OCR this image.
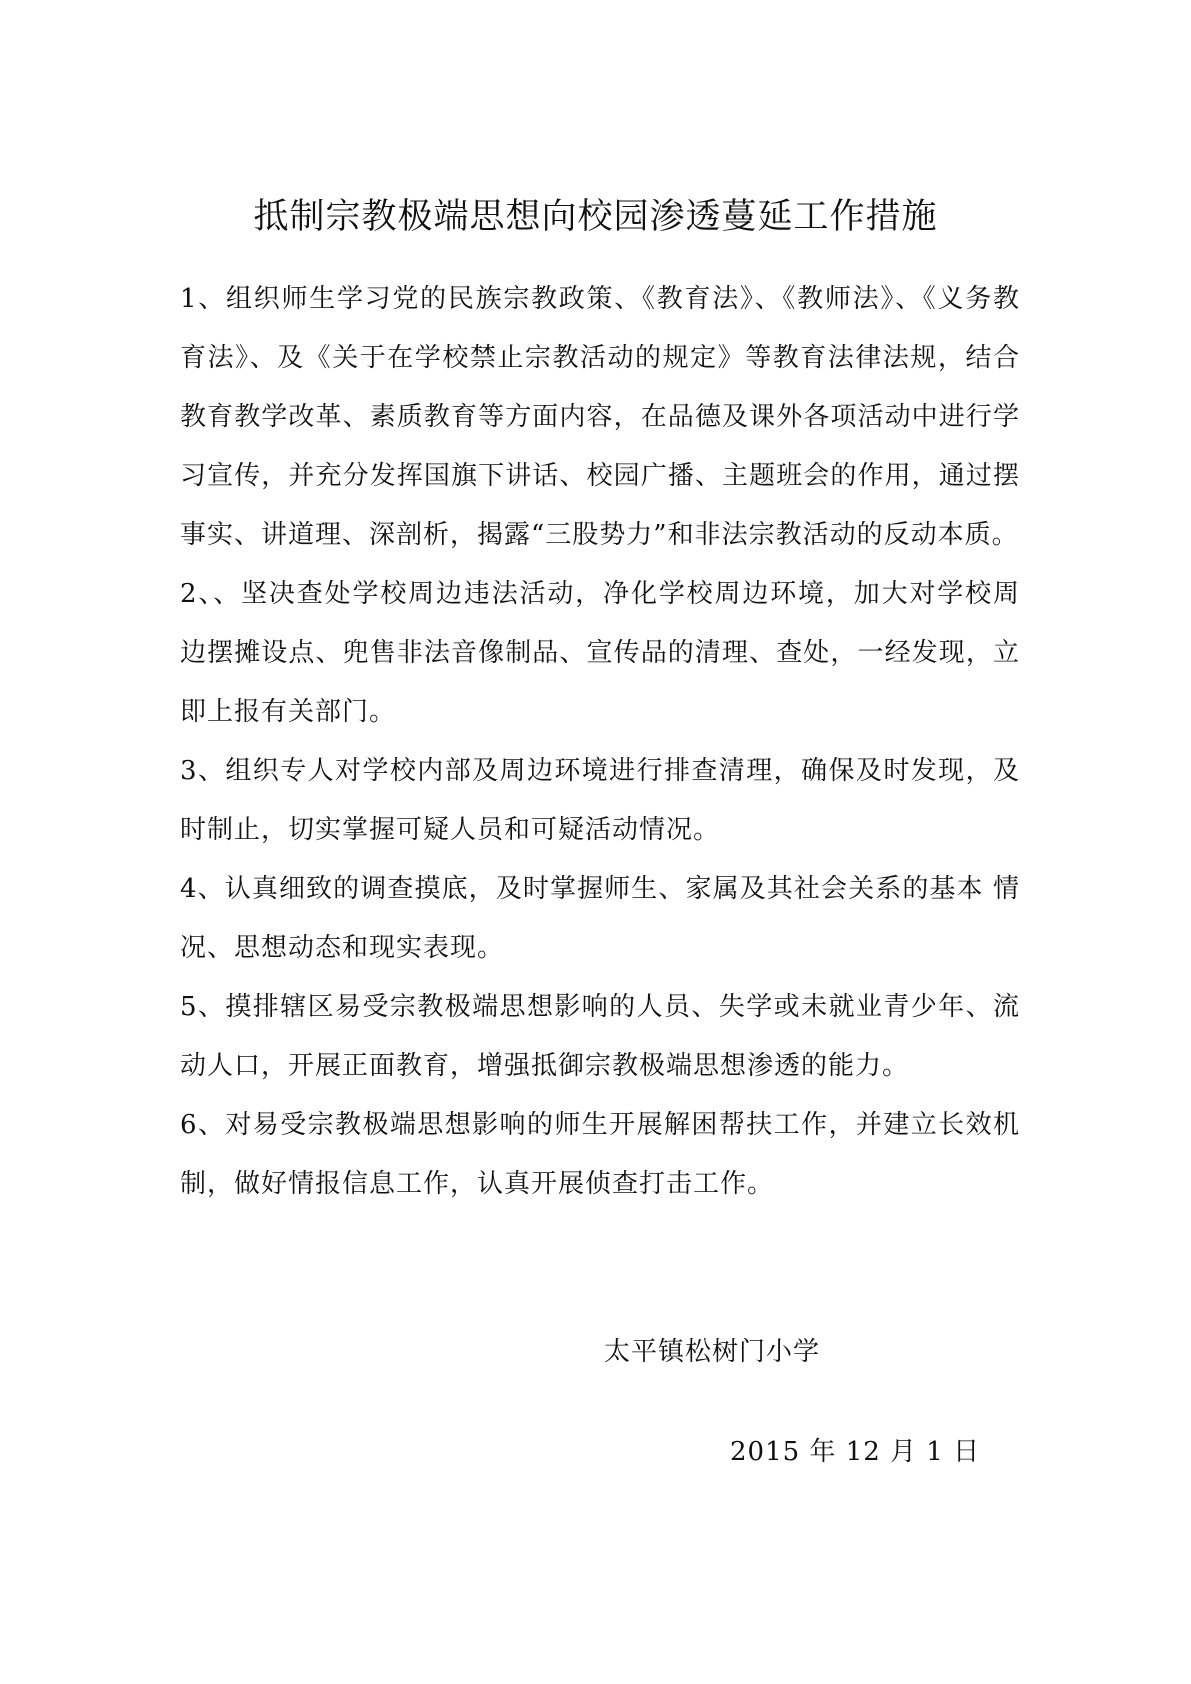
抵制宗教极端思想向校园渗透蔓延工作措施

1、组织师生学习党的民族宗教政策、《教育法》、《教师法》、《义务教育法》、及《关于在学校禁止宗教活动的规定》等教育法律法规，结合教育教学改革、素质教育等方面内容，在品德及课外各项活动中进行学习宣传，并充分发挥国旗下讲话、校园广播、主题班会的作用，通过摆事实、讲道理、深剖析，揭露“三股势力”和非法宗教活动的反动本质。

2、、坚决查处学校周边违法活动，净化学校周边环境，加大对学校周边摆摊设点、兜售非法音像制品、宣传品的清理、查处，一经发现，立即上报有关部门。

3、组织专人对学校内部及周边环境进行排查清理，确保及时发现，及时制止，切实掌握可疑人员和可疑活动情况。

4、认真细致的调查摸底，及时掌握师生、家属及其社会关系的基本 情况、思想动态和现实表现。

5、摸排辖区易受宗教极端思想影响的人员、失学或未就业青少年、流动人口，开展正面教育，增强抵御宗教极端思想渗透的能力。

6、对易受宗教极端思想影响的师生开展解困帮扶工作，并建立长效机制，做好情报信息工作，认真开展侦查打击工作。

太平镇松树门小学
2015 年 12 月 1 日
